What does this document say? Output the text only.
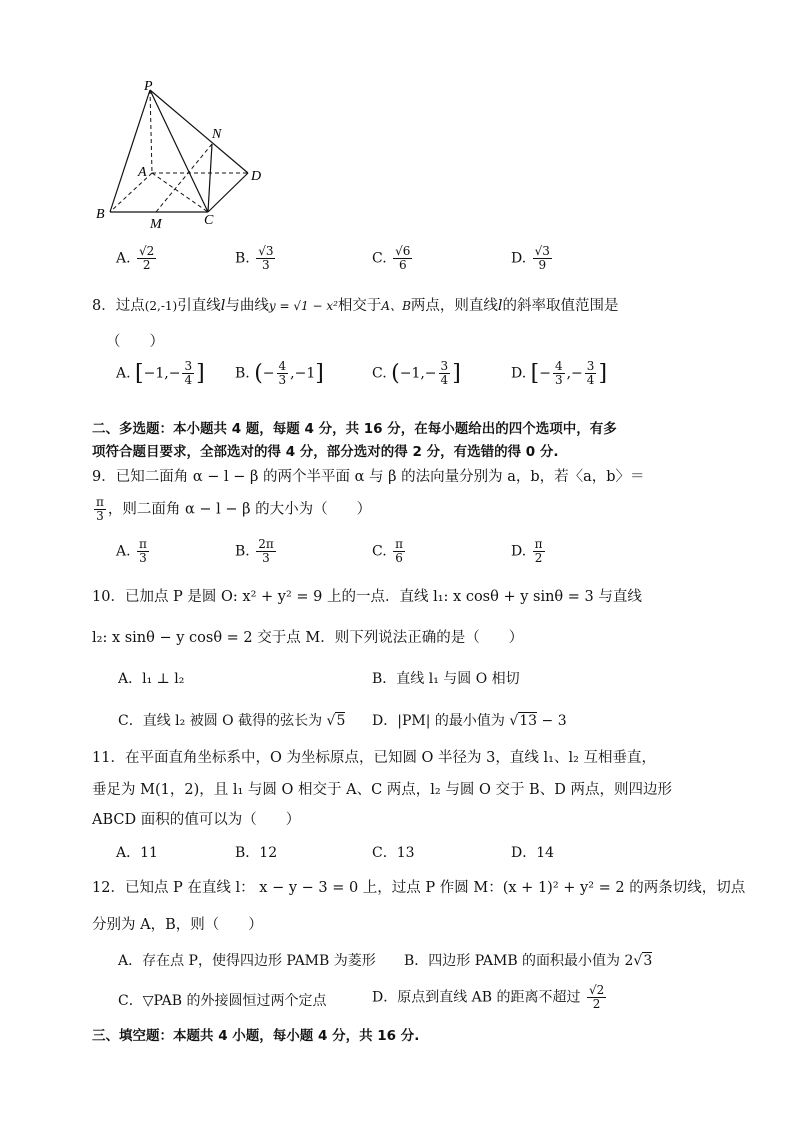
P
N
A	D
B
M	C
A. $\frac{√2}{2}$	B. $\frac{√3}{3}$	C. $\frac{√6}{6}$	D. $\frac{√3}{9}$
8．过点(2,-1)引直线l与曲线y = √1 − x²相交于A、B两点，则直线l的斜率取值范围是
（　　）
A. [$-1,- \frac{3}{4}$ ] B. (− $\frac{4}{3} ,-1$]	C. ($-1,- \frac{3}{4}$ ]	D. [− $\frac{4}{3}$ ,− $\frac{3}{4}$ ]
二、多选题：本小题共 4 题，每题 4 分，共 16 分，在每小题给出的四个选项中，有多
项符合题目要求，全部选对的得 4 分，部分选对的得 2 分，有选错的得 0 分.
9．已知二面角 α − l − β 的两个半平面 α 与 β 的法向量分别为 a，b，若〈a，b〉＝
$\frac{\pi}{3}$ ，则二面角 α − l − β 的大小为（　　）
A. $\frac{\pi}{3}$	B. $\frac{2\pi}{3}$	C. $\frac{\pi}{6}$	D. $\frac{\pi}{2}$
10．已加点 P 是圆 O: x² + y² = 9 上的一点．直线 l₁: x cosθ + y sinθ = 3 与直线
l₂: x sinθ − y cosθ = 2 交于点 M．则下列说法正确的是（　　）
A．l₁ ⊥ l₂	B．直线 l₁ 与圆 O 相切
C．直线 l₂ 被圆 O 截得的弦长为 √5 D．|PM| 的最小值为 √13 − 3
11．在平面直角坐标系中，O 为坐标原点，已知圆 O 半径为 3，直线 l₁、l₂ 互相垂直，
垂足为 M(1，2)，且 l₁ 与圆 O 相交于 A、C 两点，l₂ 与圆 O 交于 B、D 两点，则四边形
ABCD 面积的值可以为（　　）
A．11	B．12	C．13	D．14
12．已知点 P 在直线 l： x − y − 3 = 0 上，过点 P 作圆 M：(x + 1)² + y² = 2 的两条切线，切点
分别为 A，B，则（　　）
A．存在点 P，使得四边形 PAMB 为菱形 B．四边形 PAMB 的面积最小值为 2√3
C．▽PAB 的外接圆恒过两个定点	D．原点到直线 AB 的距离不超过 $\frac{√2}{2}$
三、填空题：本题共 4 小题，每小题 4 分，共 16 分.
